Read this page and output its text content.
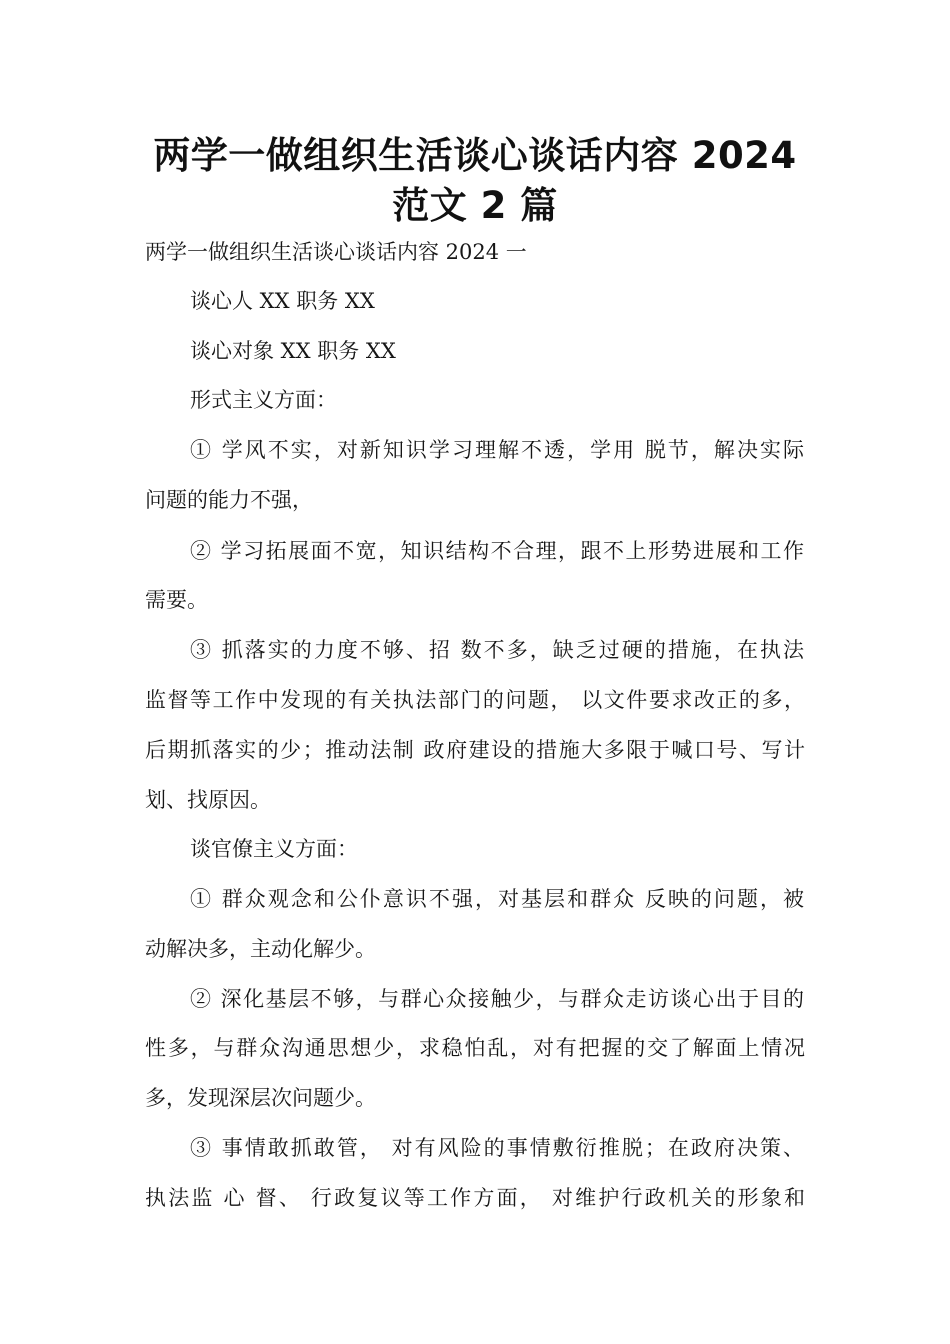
两学一做组织生活谈心谈话内容 2024
范文 2 篇

两学一做组织生活谈心谈话内容 2024 一

谈心人 XX 职务 XX

谈心对象 XX 职务 XX

形式主义方面：

① 学风不实，对新知识学习理解不透，学用 脱节，解决实际

问题的能力不强，

② 学习拓展面不宽，知识结构不合理，跟不上形势进展和工作

需要。

③ 抓落实的力度不够、招 数不多，缺乏过硬的措施，在执法

监督等工作中发现的有关执法部门的问题， 以文件要求改正的多，

后期抓落实的少；推动法制 政府建设的措施大多限于喊口号、写计

划、找原因。

谈官僚主义方面：

① 群众观念和公仆意识不强，对基层和群众 反映的问题，被

动解决多，主动化解少。

② 深化基层不够，与群心众接触少，与群众走访谈心出于目的

性多，与群众沟通思想少，求稳怕乱，对有把握的交了解面上情况

多，发现深层次问题少。

③ 事情敢抓敢管， 对有风险的事情敷衍推脱；在政府决策、

执法监 心 督、 行政复议等工作方面， 对维护行政机关的形象和
